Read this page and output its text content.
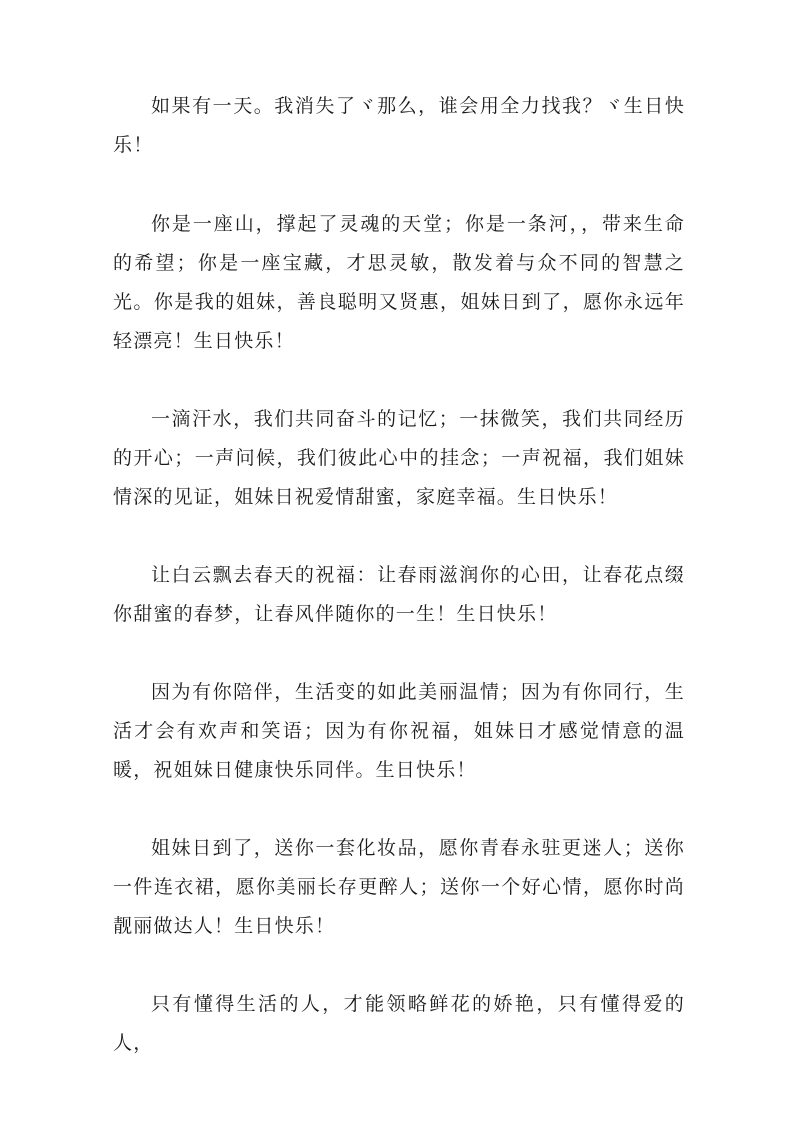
如果有一天。我消失了ヾ那么，谁会用全力找我？ヾ生日快乐！

你是一座山，撑起了灵魂的天堂；你是一条河，，带来生命的希望；你是一座宝藏，才思灵敏，散发着与众不同的智慧之光。你是我的姐妹，善良聪明又贤惠，姐妹日到了，愿你永远年轻漂亮！生日快乐！

一滴汗水，我们共同奋斗的记忆；一抹微笑，我们共同经历的开心；一声问候，我们彼此心中的挂念；一声祝福，我们姐妹情深的见证，姐妹日祝爱情甜蜜，家庭幸福。生日快乐！

让白云飘去春天的祝福：让春雨滋润你的心田，让春花点缀你甜蜜的春梦，让春风伴随你的一生！生日快乐！

因为有你陪伴，生活变的如此美丽温情；因为有你同行，生活才会有欢声和笑语；因为有你祝福，姐妹日才感觉情意的温暖，祝姐妹日健康快乐同伴。生日快乐！

姐妹日到了，送你一套化妆品，愿你青春永驻更迷人；送你一件连衣裙，愿你美丽长存更醉人；送你一个好心情，愿你时尚靓丽做达人！生日快乐！

只有懂得生活的人，才能领略鲜花的娇艳，只有懂得爱的人，
